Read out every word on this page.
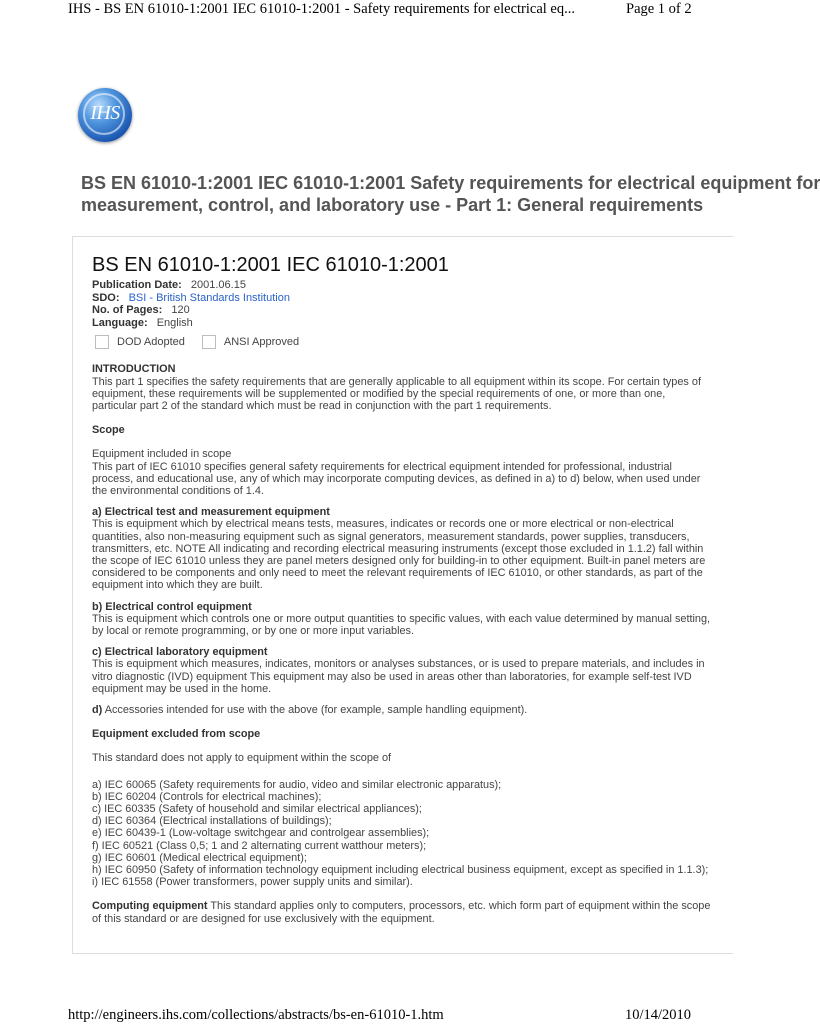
IHS - BS EN 61010-1:2001 IEC 61010-1:2001 - Safety requirements for electrical eq...	Page 1 of 2
IHS
BS EN 61010-1:2001 IEC 61010-1:2001 Safety requirements for electrical equipment for
measurement, control, and laboratory use - Part 1: General requirements
BS EN 61010-1:2001 IEC 61010-1:2001
Publication Date: 2001.06.15
SDO: BSI - British Standards Institution
No. of Pages: 120
Language: English
DOD Adopted	ANSI Approved

INTRODUCTION

This part 1 specifies the safety requirements that are generally applicable to all equipment within its scope. For certain types of equipment, these requirements will be supplemented or modified by the special requirements of one, or more than one, particular part 2 of the standard which must be read in conjunction with the part 1 requirements.

Scope

Equipment included in scope

This part of IEC 61010 specifies general safety requirements for electrical equipment intended for professional, industrial process, and educational use, any of which may incorporate computing devices, as defined in a) to d) below, when used under the environmental conditions of 1.4.

a) Electrical test and measurement equipment

This is equipment which by electrical means tests, measures, indicates or records one or more electrical or non-electrical quantities, also non-measuring equipment such as signal generators, measurement standards, power supplies, transducers, transmitters, etc. NOTE All indicating and recording electrical measuring instruments (except those excluded in 1.1.2) fall within the scope of IEC 61010 unless they are panel meters designed only for building-in to other equipment. Built-in panel meters are considered to be components and only need to meet the relevant requirements of IEC 61010, or other standards, as part of the equipment into which they are built.

b) Electrical control equipment

This is equipment which controls one or more output quantities to specific values, with each value determined by manual setting, by local or remote programming, or by one or more input variables.

c) Electrical laboratory equipment

This is equipment which measures, indicates, monitors or analyses substances, or is used to prepare materials, and includes in vitro diagnostic (IVD) equipment This equipment may also be used in areas other than laboratories, for example self-test IVD equipment may be used in the home.

d) Accessories intended for use with the above (for example, sample handling equipment).

Equipment excluded from scope

This standard does not apply to equipment within the scope of

a) IEC 60065 (Safety requirements for audio, video and similar electronic apparatus);

b) IEC 60204 (Controls for electrical machines);

c) IEC 60335 (Safety of household and similar electrical appliances);

d) IEC 60364 (Electrical installations of buildings);

e) IEC 60439-1 (Low-voltage switchgear and controlgear assemblies);

f) IEC 60521 (Class 0,5; 1 and 2 alternating current watthour meters);

g) IEC 60601 (Medical electrical equipment);

h) IEC 60950 (Safety of information technology equipment including electrical business equipment, except as specified in 1.1.3);

i) IEC 61558 (Power transformers, power supply units and similar).

Computing equipment This standard applies only to computers, processors, etc. which form part of equipment within the scope of this standard or are designed for use exclusively with the equipment.

http://engineers.ihs.com/collections/abstracts/bs-en-61010-1.htm	10/14/2010
